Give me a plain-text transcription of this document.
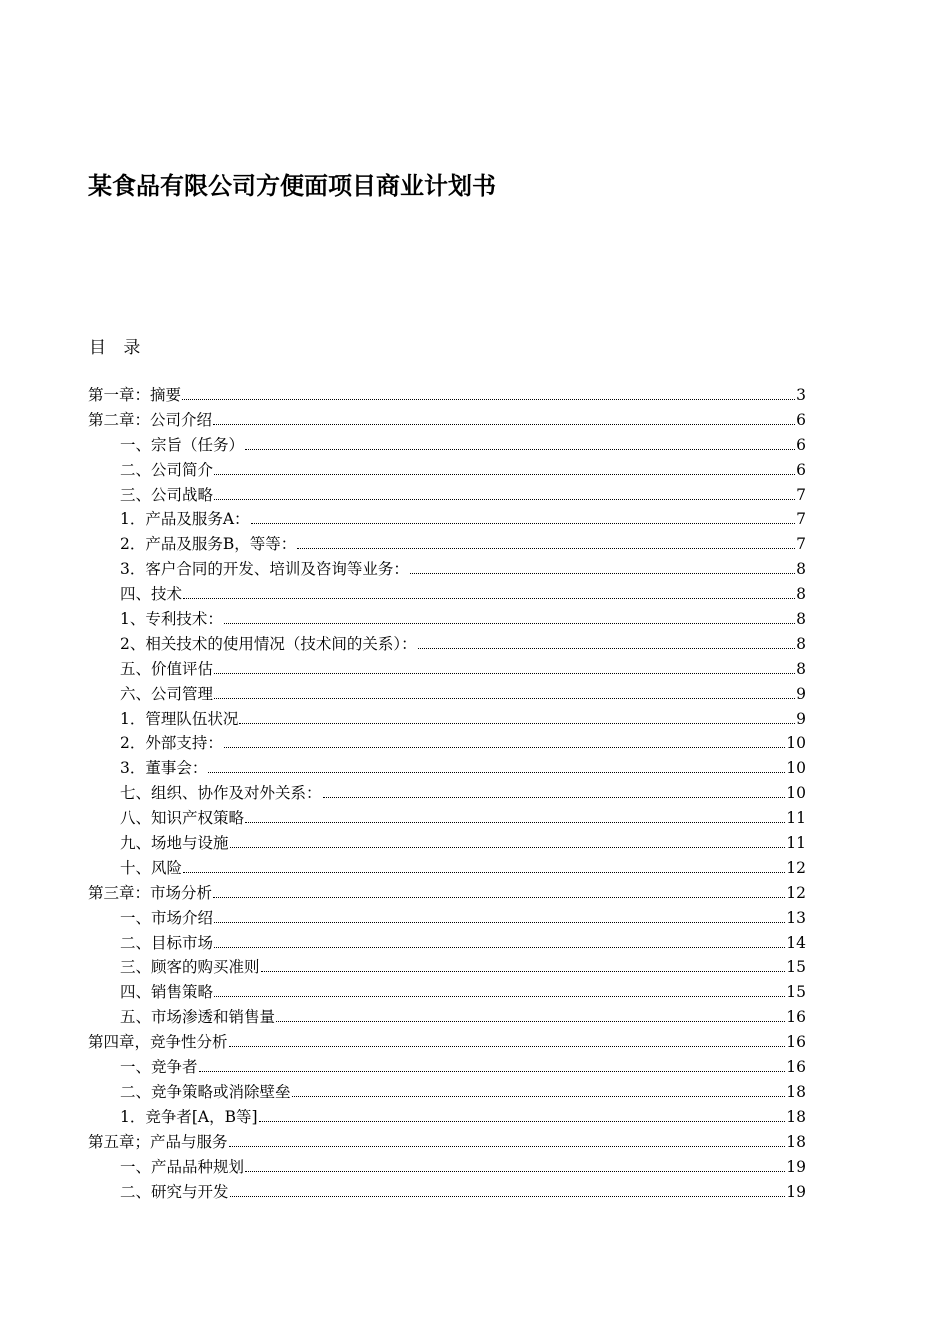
某食品有限公司方便面项目商业计划书

目 录

第一章：摘要	3
第二章：公司介绍	6
一、宗旨（任务）	6
二、公司简介	6
三、公司战略	7
1．产品及服务A：	7
2．产品及服务B，等等：	7
3．客户合同的开发、培训及咨询等业务：	8
四、技术	8
1、专利技术：	8
2、相关技术的使用情况（技术间的关系）：	8
五、价值评估	8
六、公司管理	9
1．管理队伍状况	9
2．外部支持：	10
3．董事会：	10
七、组织、协作及对外关系：	10
八、知识产权策略	11
九、场地与设施	11
十、风险	12
第三章：市场分析	12
一、市场介绍	13
二、目标市场	14
三、顾客的购买准则	15
四、销售策略	15
五、市场渗透和销售量	16
第四章，竞争性分析	16
一、竞争者	16
二、竞争策略或消除壁垒	18
1．竞争者[A，B等]	18
第五章；产品与服务	18
一、产品品种规划	19
二、研究与开发	19
